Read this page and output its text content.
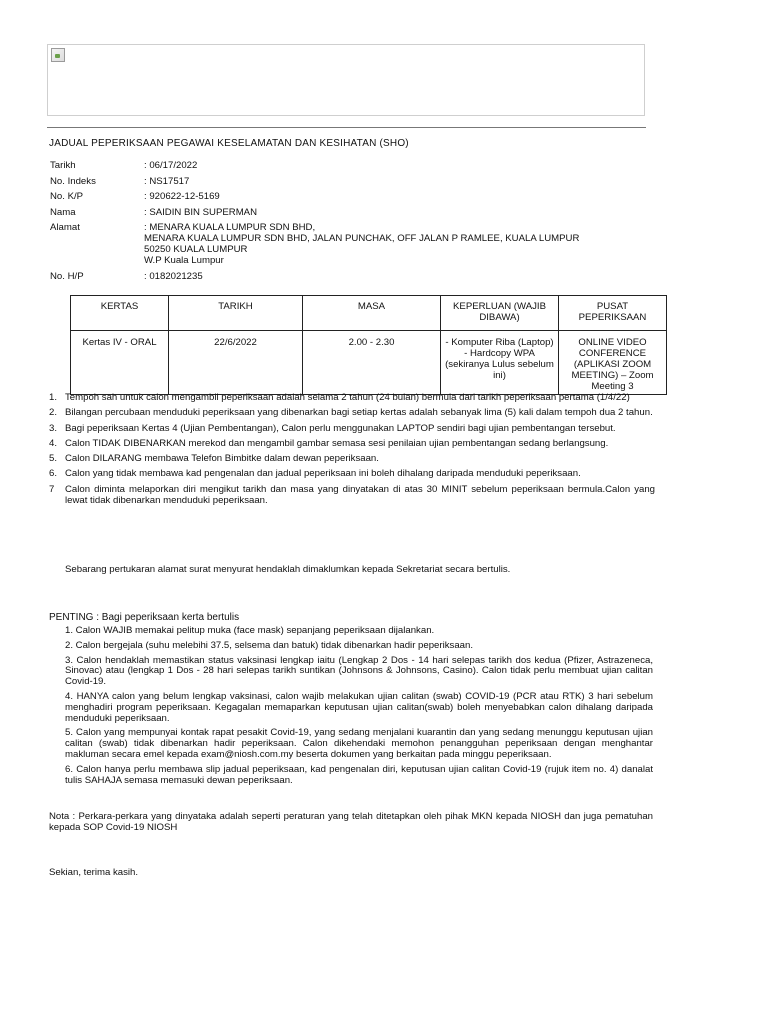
JADUAL PEPERIKSAAN PEGAWAI KESELAMATAN DAN KESIHATAN (SHO)
Tarikh	: 06/17/2022
No. Indeks	: NS17517
No. K/P	: 920622-12-5169
Nama	: SAIDIN BIN SUPERMAN
Alamat	: MENARA KUALA LUMPUR SDN BHD,
MENARA KUALA LUMPUR SDN BHD, JALAN PUNCHAK, OFF JALAN P RAMLEE, KUALA LUMPUR
50250 KUALA LUMPUR
W.P Kuala Lumpur
No. H/P	: 0182021235
KERTAS	TARIKH	MASA	KEPERLUAN (WAJIB DIBAWA)	PUSAT PEPERIKSAAN
Kertas IV - ORAL	22/6/2022	2.00 - 2.30	- Komputer Riba (Laptop) - Hardcopy WPA (sekiranya Lulus sebelum ini)	ONLINE VIDEO CONFERENCE (APLIKASI ZOOM MEETING) – Zoom Meeting 3
1. Tempoh sah untuk calon mengambil peperiksaan adalah selama 2 tahun (24 bulan) bermula dari tarikh peperiksaan pertama (1/4/22)
2. Bilangan percubaan menduduki peperiksaan yang dibenarkan bagi setiap kertas adalah sebanyak lima (5) kali dalam tempoh dua 2 tahun.
3. Bagi peperiksaan Kertas 4 (Ujian Pembentangan), Calon perlu menggunakan LAPTOP sendiri bagi ujian pembentangan tersebut.
4. Calon TIDAK DIBENARKAN merekod dan mengambil gambar semasa sesi penilaian ujian pembentangan sedang berlangsung.
5. Calon DILARANG membawa Telefon Bimbitke dalam dewan peperiksaan.
6. Calon yang tidak membawa kad pengenalan dan jadual peperiksaan ini boleh dihalang daripada menduduki peperiksaan.
7	Calon diminta melaporkan diri mengikut tarikh dan masa yang dinyatakan di atas 30 MINIT sebelum peperiksaan bermula.Calon yang lewat tidak dibenarkan menduduki peperiksaan.
Sebarang pertukaran alamat surat menyurat hendaklah dimaklumkan kepada Sekretariat secara bertulis.
PENTING : Bagi peperiksaan kerta bertulis

1. Calon WAJIB memakai pelitup muka (face mask) sepanjang peperiksaan dijalankan.

2. Calon bergejala (suhu melebihi 37.5, selsema dan batuk) tidak dibenarkan hadir peperiksaan.

3. Calon hendaklah memastikan status vaksinasi lengkap iaitu (Lengkap 2 Dos - 14 hari selepas tarikh dos kedua (Pfizer, Astrazeneca, Sinovac) atau (lengkap 1 Dos - 28 hari selepas tarikh suntikan (Johnsons & Johnsons, Casino). Calon tidak perlu membuat ujian calitan Covid-19.

4. HANYA calon yang belum lengkap vaksinasi, calon wajib melakukan ujian calitan (swab) COVID-19 (PCR atau RTK) 3 hari sebelum menghadiri program peperiksaan. Kegagalan memaparkan keputusan ujian calitan(swab) boleh menyebabkan calon dihalang daripada menduduki peperiksaan.

5. Calon yang mempunyai kontak rapat pesakit Covid-19, yang sedang menjalani kuarantin dan yang sedang menunggu keputusan ujian calitan (swab) tidak dibenarkan hadir peperiksaan. Calon dikehendaki memohon penangguhan peperiksaan dengan menghantar makluman secara emel kepada exam@niosh.com.my beserta dokumen yang berkaitan pada minggu peperiksaan.

6. Calon hanya perlu membawa slip jadual peperiksaan, kad pengenalan diri, keputusan ujian calitan Covid-19 (rujuk item no. 4) danalat tulis SAHAJA semasa memasuki dewan peperiksaan.

Nota : Perkara-perkara yang dinyataka adalah seperti peraturan yang telah ditetapkan oleh pihak MKN kepada NIOSH dan juga pematuhan kepada SOP Covid-19 NIOSH
Sekian, terima kasih.
